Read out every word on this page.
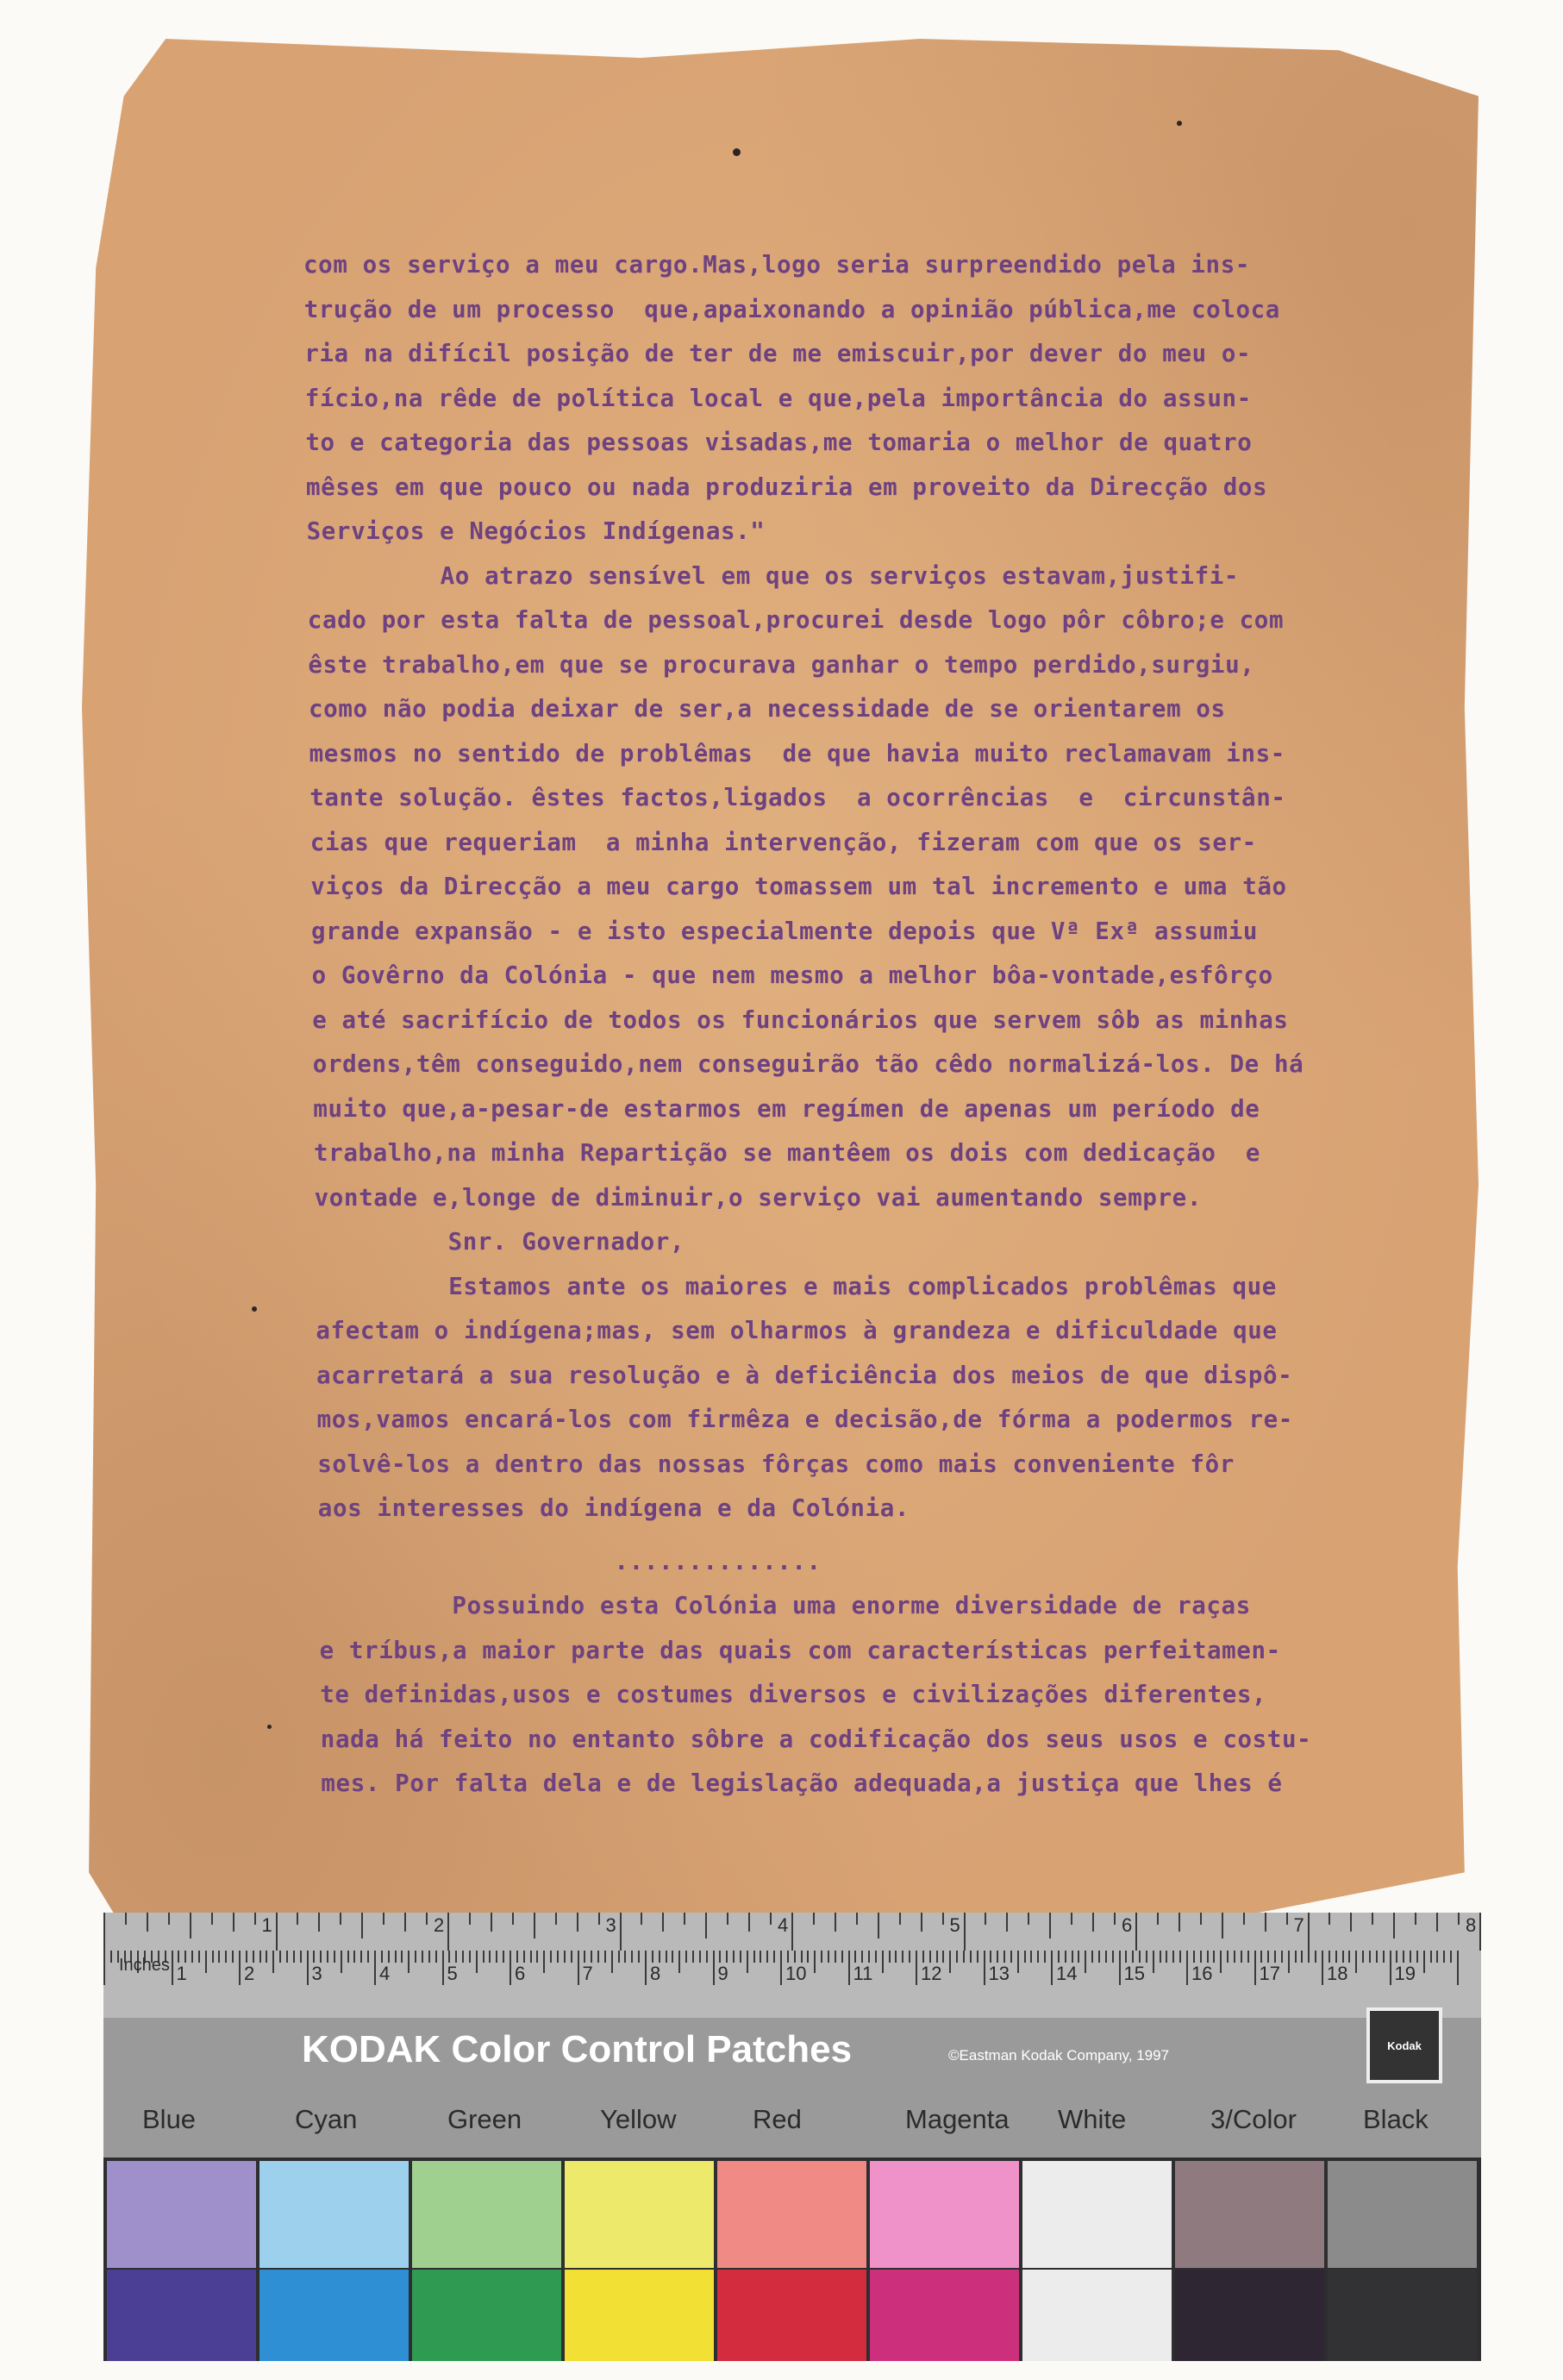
com os serviço a meu cargo.Mas,logo seria surpreendido pela ins-
trução de um processo  que,apaixonando a opinião pública,me coloca
ria na difícil posição de ter de me emiscuir,por dever do meu o-
fício,na rêde de política local e que,pela importância do assun-
to e categoria das pessoas visadas,me tomaria o melhor de quatro
mêses em que pouco ou nada produziria em proveito da Direcção dos
Serviços e Negócios Indígenas."
Ao atrazo sensível em que os serviços estavam,justifi-
cado por esta falta de pessoal,procurei desde logo pôr côbro;e com
êste trabalho,em que se procurava ganhar o tempo perdido,surgiu,
como não podia deixar de ser,a necessidade de se orientarem os
mesmos no sentido de problêmas  de que havia muito reclamavam ins-
tante solução. êstes factos,ligados  a ocorrências  e  circunstân-
cias que requeriam  a minha intervenção, fizeram com que os ser-
viços da Direcção a meu cargo tomassem um tal incremento e uma tão
grande expansão - e isto especialmente depois que Vª Exª assumiu
o Govêrno da Colónia - que nem mesmo a melhor bôa-vontade,esfôrço
e até sacrifício de todos os funcionários que servem sôb as minhas
ordens,têm conseguido,nem conseguirão tão cêdo normalizá-los. De há
muito que,a-pesar-de estarmos em regímen de apenas um período de
trabalho,na minha Repartição se mantêem os dois com dedicação  e
vontade e,longe de diminuir,o serviço vai aumentando sempre.
Snr. Governador,
Estamos ante os maiores e mais complicados problêmas que
afectam o indígena;mas, sem olharmos à grandeza e dificuldade que
acarretará a sua resolução e à deficiência dos meios de que dispô-
mos,vamos encará-los com firmêza e decisão,de fórma a podermos re-
solvê-los a dentro das nossas fôrças como mais conveniente fôr
aos interesses do indígena e da Colónia.
..............
Possuindo esta Colónia uma enorme diversidade de raças
e tríbus,a maior parte das quais com características perfeitamen-
te definidas,usos e costumes diversos e civilizações diferentes,
nada há feito no entanto sôbre a codificação dos seus usos e costu-
mes. Por falta dela e de legislação adequada,a justiça que lhes é
1	2	3	4	5	6	7	8
1	2	3	4	5	6	7	8	9	10 11	12 13 14 15 16 17 18 19
Inches
KODAK Color Control Patches	©Eastman Kodak Company, 1997
Kodak
Blue	Cyan	Green	Yellow	Red	Magenta White	3/Color Black
